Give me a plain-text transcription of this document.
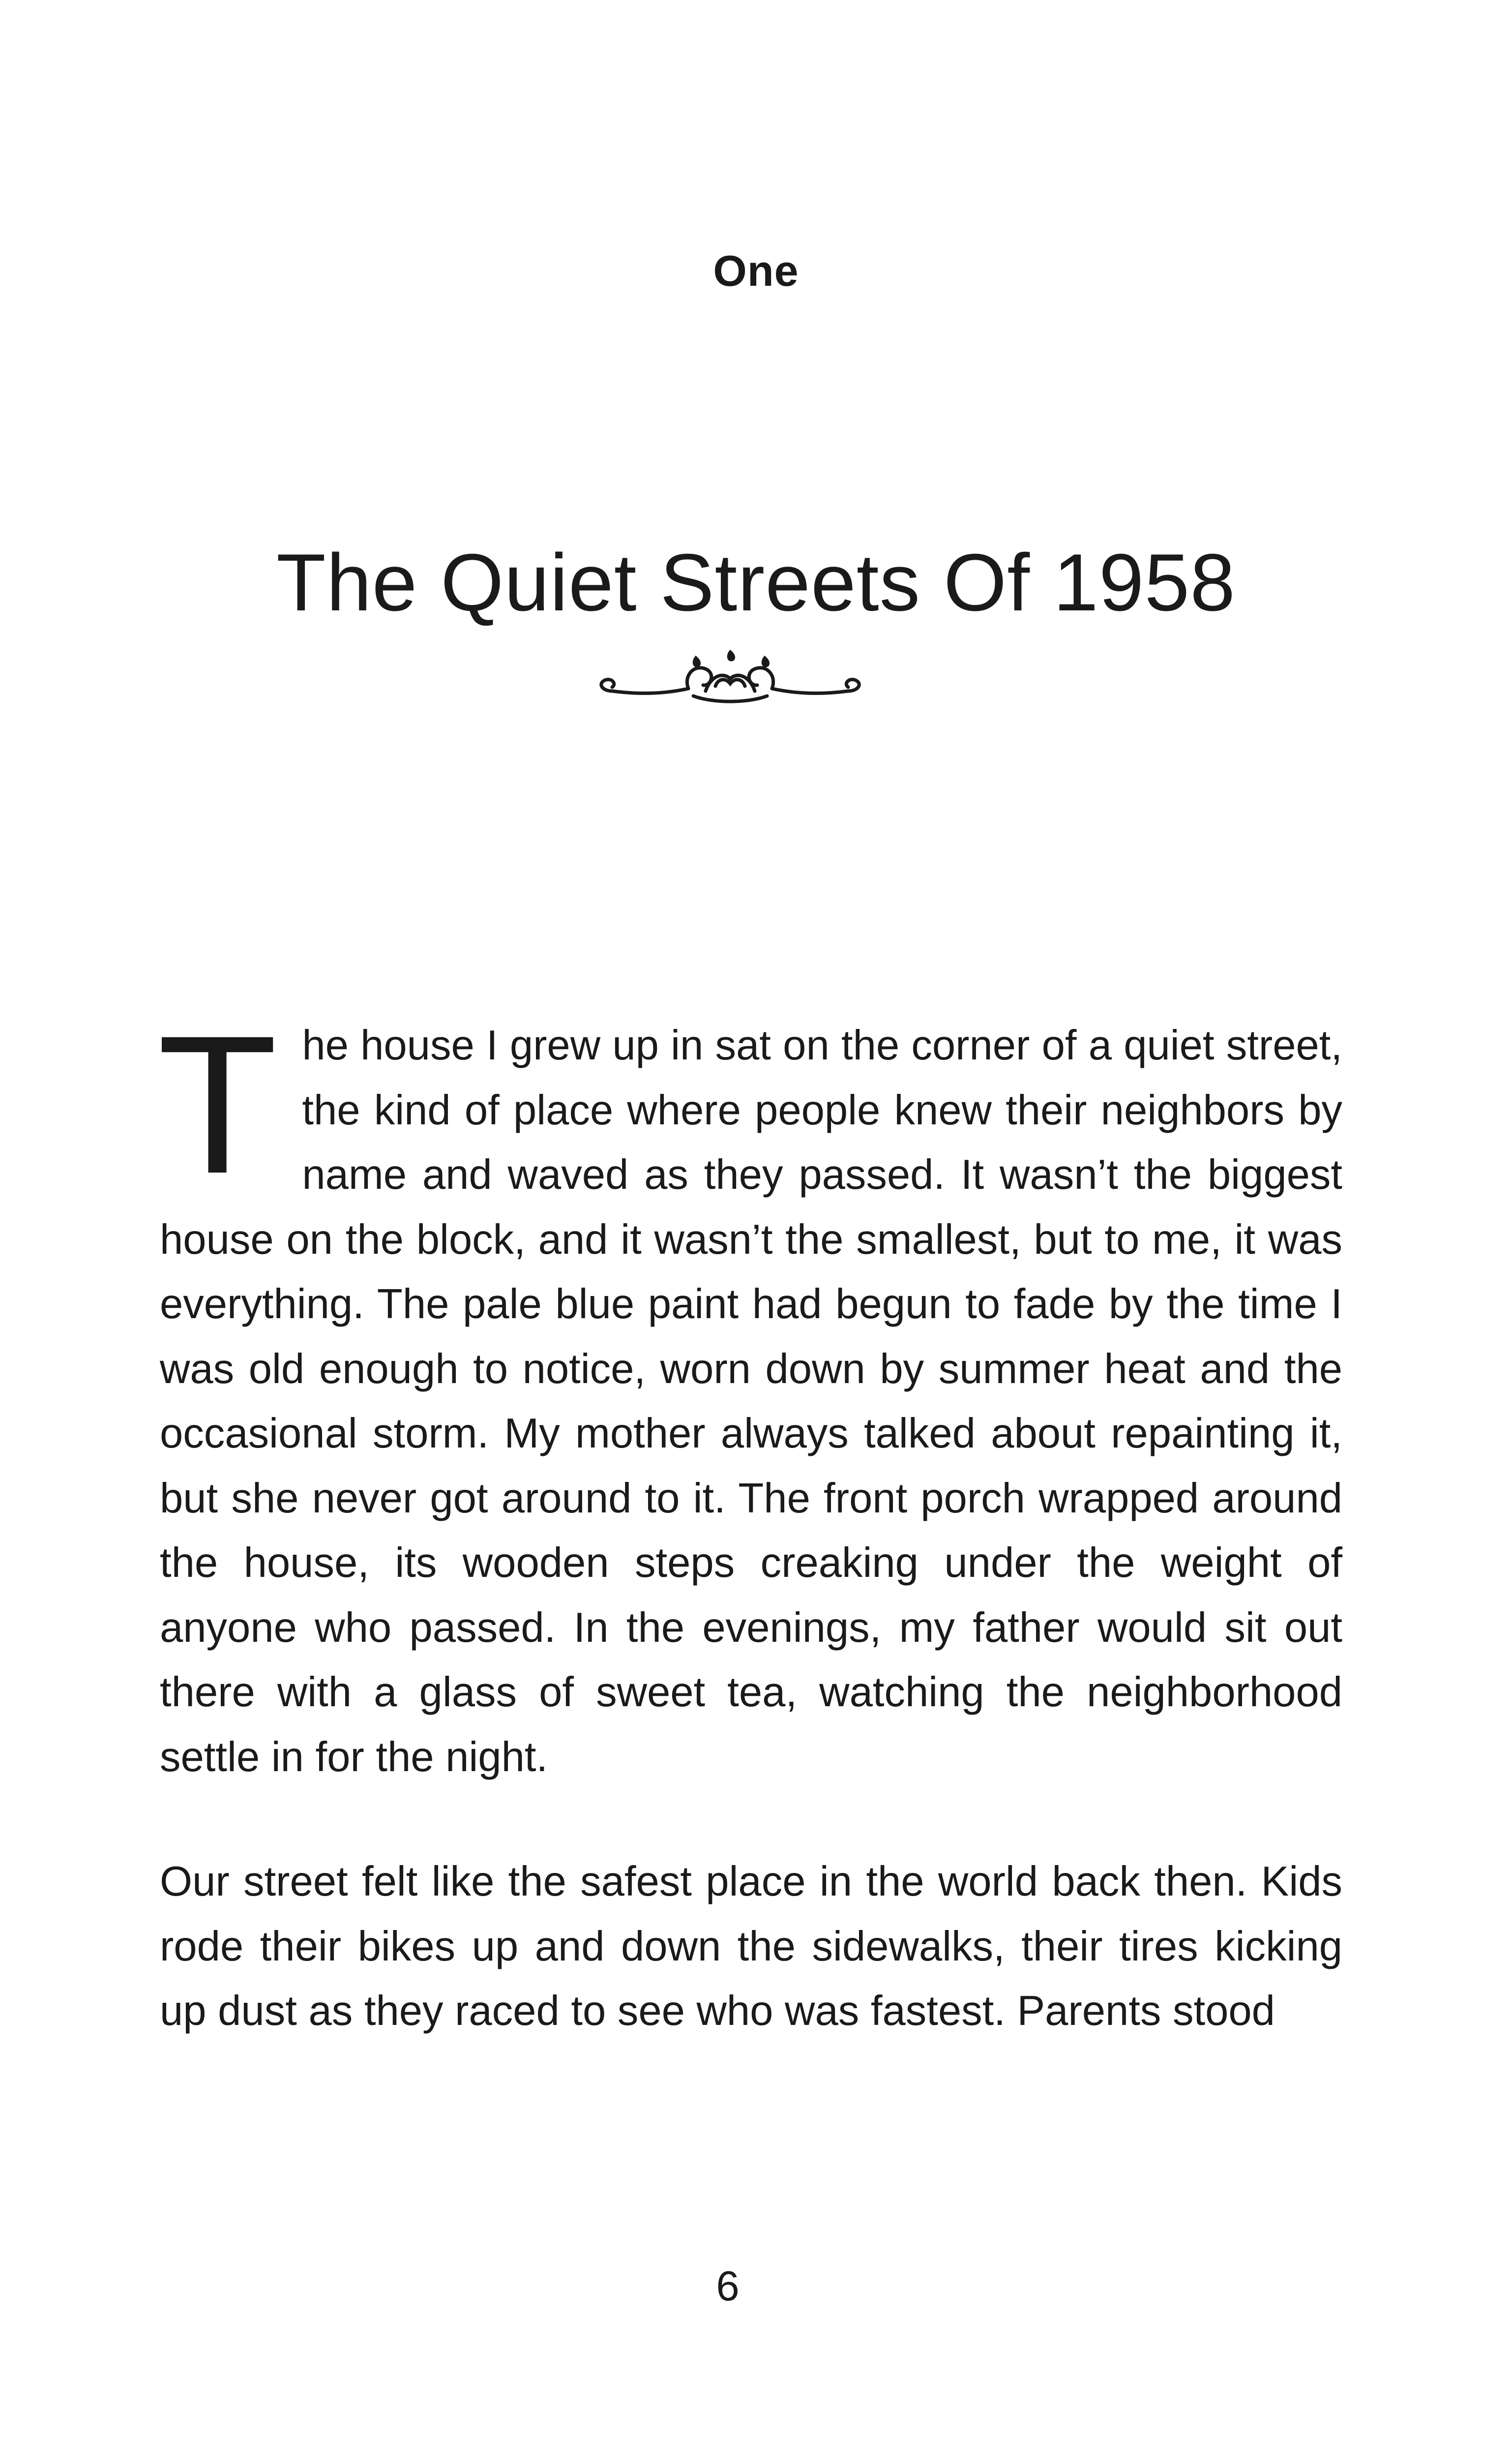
One
The Quiet Streets Of 1958
The house I grew up in sat on the corner of a quiet street, the kind of place where people knew their neighbors by name and waved as they passed. It wasn’t the biggest house on the block, and it wasn’t the smallest, but to me, it was everything. The pale blue paint had begun to fade by the time I was old enough to notice, worn down by summer heat and the occasional storm. My mother always talked about repainting it, but she never got around to it. The front porch wrapped around the house, its wooden steps creaking under the weight of anyone who passed. In the evenings, my father would sit out there with a glass of sweet tea, watching the neighborhood settle in for the night.
Our street felt like the safest place in the world back then. Kids rode their bikes up and down the sidewalks, their tires kicking up dust as they raced to see who was fastest. Parents stood
6
